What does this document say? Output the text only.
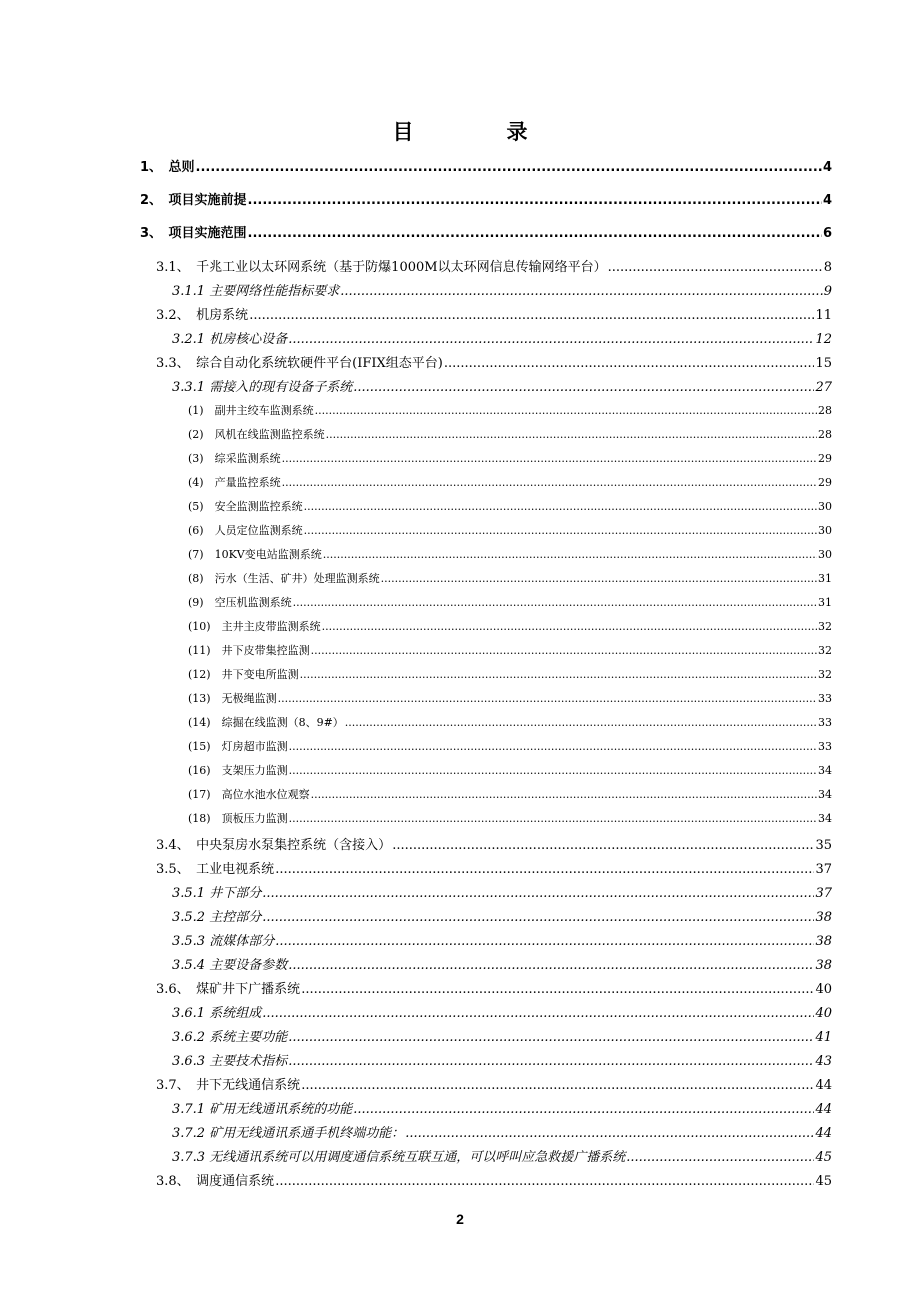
目　录
1、　总则 .....	4
2、　项目实施前提 .....	4
3、　项目实施范围 .....	6
3.1、　千兆工业以太环网系统（基于防爆1000M以太环网信息传输网络平台） .....	8
3.1.1 主要网络性能指标要求 .....	9
3.2、　机房系统 .....	11
3.2.1 机房核心设备 .....	12
3.3、　综合自动化系统软硬件平台(IFIX组态平台) .....	15
3.3.1 需接入的现有设备子系统 .....	27
(1)　副井主绞车监测系统 .....	28
(2)　风机在线监测监控系统 .....	28
(3)　综采监测系统 .....	29
(4)　产量监控系统 .....	29
(5)　安全监测监控系统 .....	30
(6)　人员定位监测系统 .....	30
(7)　10KV变电站监测系统 .....	30
(8)　污水（生活、矿井）处理监测系统 .....	31
(9)　空压机监测系统 .....	31
(10)　主井主皮带监测系统 .....	32
(11)　井下皮带集控监测 .....	32
(12)　井下变电所监测 .....	32
(13)　无极绳监测 .....	33
(14)　综掘在线监测（8、9#） .....	33
(15)　灯房超市监测 .....	33
(16)　支架压力监测 .....	34
(17)　高位水池水位观察 .....	34
(18)　顶板压力监测 .....	34
3.4、　中央泵房水泵集控系统（含接入） .....	35
3.5、　工业电视系统 .....	37
3.5.1 井下部分 .....	37
3.5.2 主控部分 .....	38
3.5.3 流媒体部分 .....	38
3.5.4 主要设备参数 .....	38
3.6、　煤矿井下广播系统 .....	40
3.6.1 系统组成 .....	40
3.6.2 系统主要功能 .....	41
3.6.3 主要技术指标 .....	43
3.7、　井下无线通信系统 .....	44
3.7.1 矿用无线通讯系统的功能 .....	44
3.7.2 矿用无线通讯系通手机终端功能： .....	44
3.7.3 无线通讯系统可以用调度通信系统互联互通，可以呼叫应急救援广播系统 .....	45
3.8、　调度通信系统 .....	45
2
